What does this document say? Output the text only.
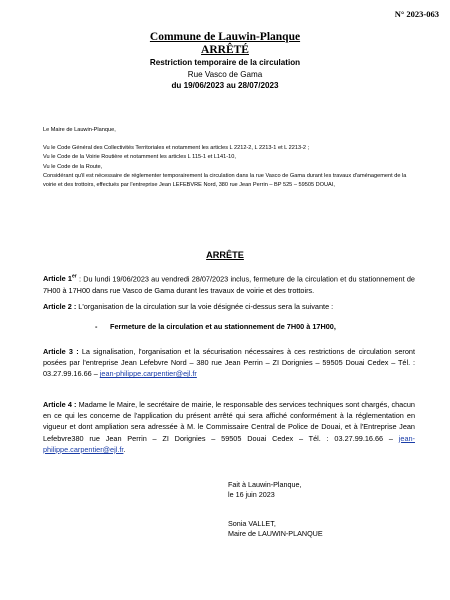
N° 2023-063
Commune de Lauwin-Planque
ARRÊTÉ
Restriction temporaire de la circulation
Rue Vasco de Gama
du 19/06/2023 au 28/07/2023

Le Maire de Lauwin-Planque,

Vu le Code Général des Collectivités Territoriales et notamment les articles L 2212-2, L 2213-1 et L 2213-2 ;

Vu le Code de la Voirie Routière et notamment les articles L 115-1 et L141-10,

Vu le Code de la Route,

Considérant qu'il est nécessaire de réglementer temporairement la circulation dans la rue Vasco de Gama durant les travaux d'aménagement de la voirie et des trottoirs, effectués par l'entreprise Jean LEFEBVRE Nord, 380 rue Jean Perrin – BP 525 – 59505 DOUAI,

ARRÊTE

Article 1er : Du lundi 19/06/2023 au vendredi 28/07/2023 inclus, fermeture de la circulation et du stationnement de 7H00 à 17H00 dans rue Vasco de Gama durant les travaux de voirie et des trottoirs.

Article 2 : L'organisation de la circulation sur la voie désignée ci-dessus sera la suivante :

- Fermeture de la circulation et au stationnement de 7H00 à 17H00,

Article 3 : La signalisation, l'organisation et la sécurisation nécessaires à ces restrictions de circulation seront posées par l'entreprise Jean Lefebvre Nord – 380 rue Jean Perrin – ZI Dorignies – 59505 Douai Cedex – Tél. : 03.27.99.16.66 – jean-philippe.carpentier@ejl.fr

Article 4 : Madame le Maire, le secrétaire de mairie, le responsable des services techniques sont chargés, chacun en ce qui les concerne de l'application du présent arrêté qui sera affiché conformément à la réglementation en vigueur et dont ampliation sera adressée à M. le Commissaire Central de Police de Douai, et à l'Entreprise Jean Lefebvre380 rue Jean Perrin – ZI Dorignies – 59505 Douai Cedex – Tél. : 03.27.99.16.66 – jean-philippe.carpentier@ejl.fr.

Fait à Lauwin-Planque,
le 16 juin 2023
Sonia VALLET,
Maire de LAUWIN-PLANQUE
